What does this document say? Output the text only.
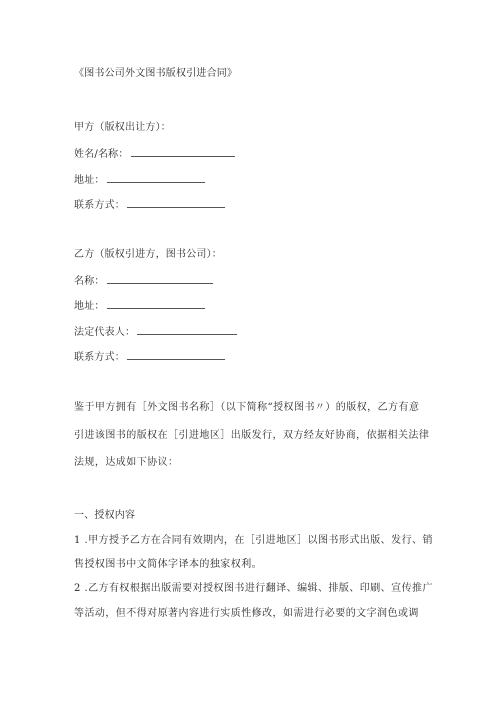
《图书公司外文图书版权引进合同》
甲方（版权出让方）：
姓名/名称：
地址：
联系方式：
乙方（版权引进方，图书公司）：
名称：
地址：
法定代表人：
联系方式：
鉴于甲方拥有［外文图书名称］（以下简称“授权图书〃）的版权，乙方有意
引进该图书的版权在［引进地区］出版发行，双方经友好协商，依据相关法律
法规，达成如下协议：
一、授权内容
1 .甲方授予乙方在合同有效期内，在［引进地区］以图书形式出版、发行、销
售授权图书中文简体字译本的独家权利。
2 .乙方有权根据出版需要对授权图书进行翻译、编辑、排版、印刷、宣传推广
等活动，但不得对原著内容进行实质性修改，如需进行必要的文字润色或调
